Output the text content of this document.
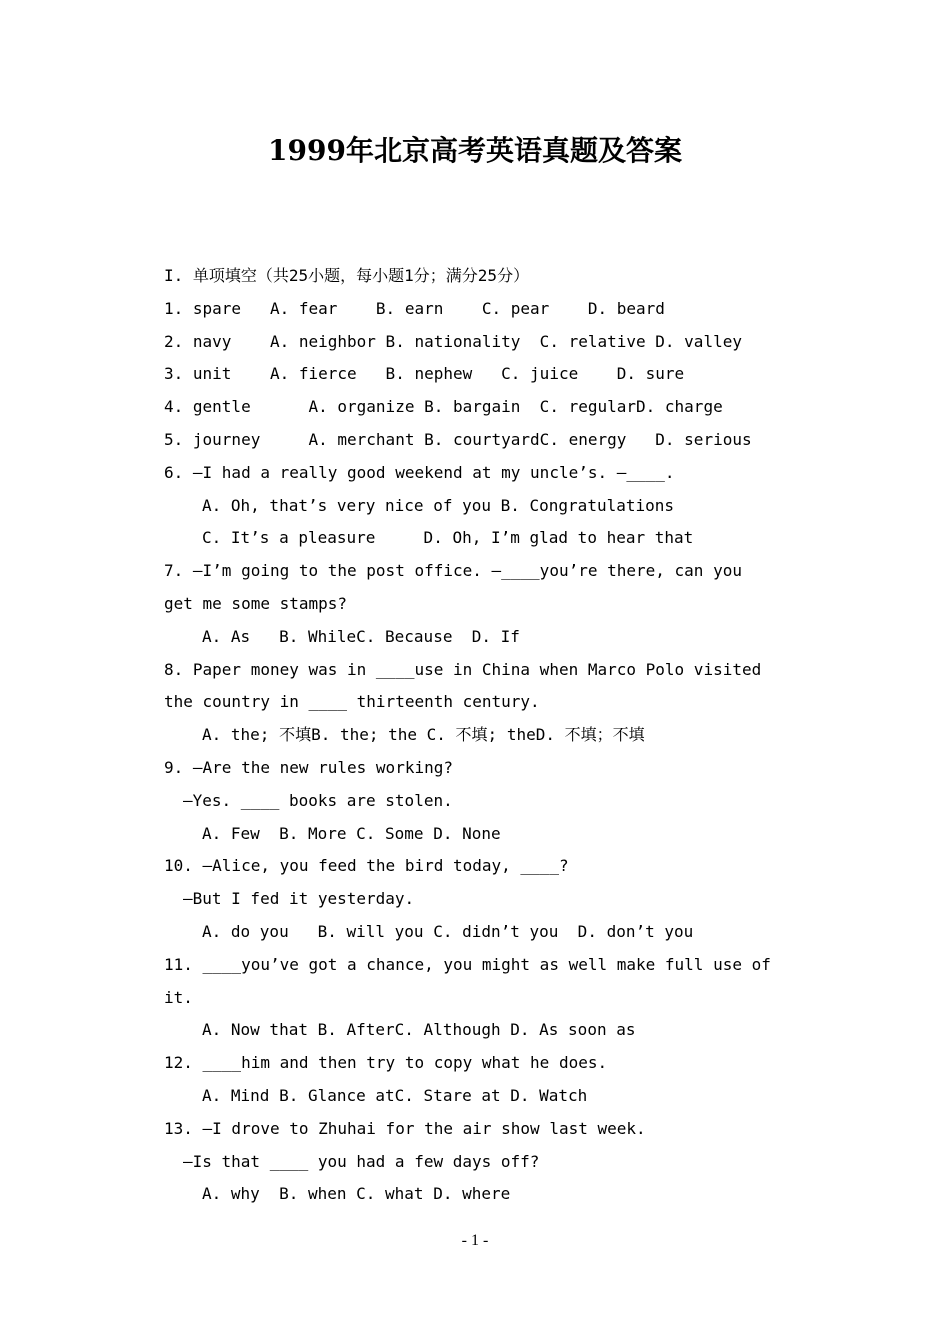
1999年北京高考英语真题及答案
I. 单项填空（共25小题，每小题1分；满分25分）
1. spare   A. fear    B. earn    C. pear    D. beard
2. navy    A. neighbor B. nationality  C. relative D. valley
3. unit    A. fierce   B. nephew   C. juice    D. sure
4. gentle      A. organize B. bargain  C. regularD. charge
5. journey     A. merchant B. courtyardC. energy   D. serious
6. —I had a really good weekend at my uncle’s. —____.
A. Oh, that’s very nice of you B. Congratulations
C. It’s a pleasure     D. Oh, I’m glad to hear that
7. —I’m going to the post office. —____you’re there, can you
get me some stamps?
A. As   B. WhileC. Because  D. If
8. Paper money was in ____use in China when Marco Polo visited
the country in ____ thirteenth century.
A. the; 不填B. the; the C. 不填; theD. 不填；不填
9. —Are the new rules working?
—Yes. ____ books are stolen.
A. Few  B. More C. Some D. None
10. —Alice, you feed the bird today, ____?
—But I fed it yesterday.
A. do you   B. will you C. didn’t you  D. don’t you
11. ____you’ve got a chance, you might as well make full use of
it.
A. Now that B. AfterC. Although D. As soon as
12. ____him and then try to copy what he does.
A. Mind B. Glance atC. Stare at D. Watch
13. —I drove to Zhuhai for the air show last week.
—Is that ____ you had a few days off?
A. why  B. when C. what D. where
- 1 -
